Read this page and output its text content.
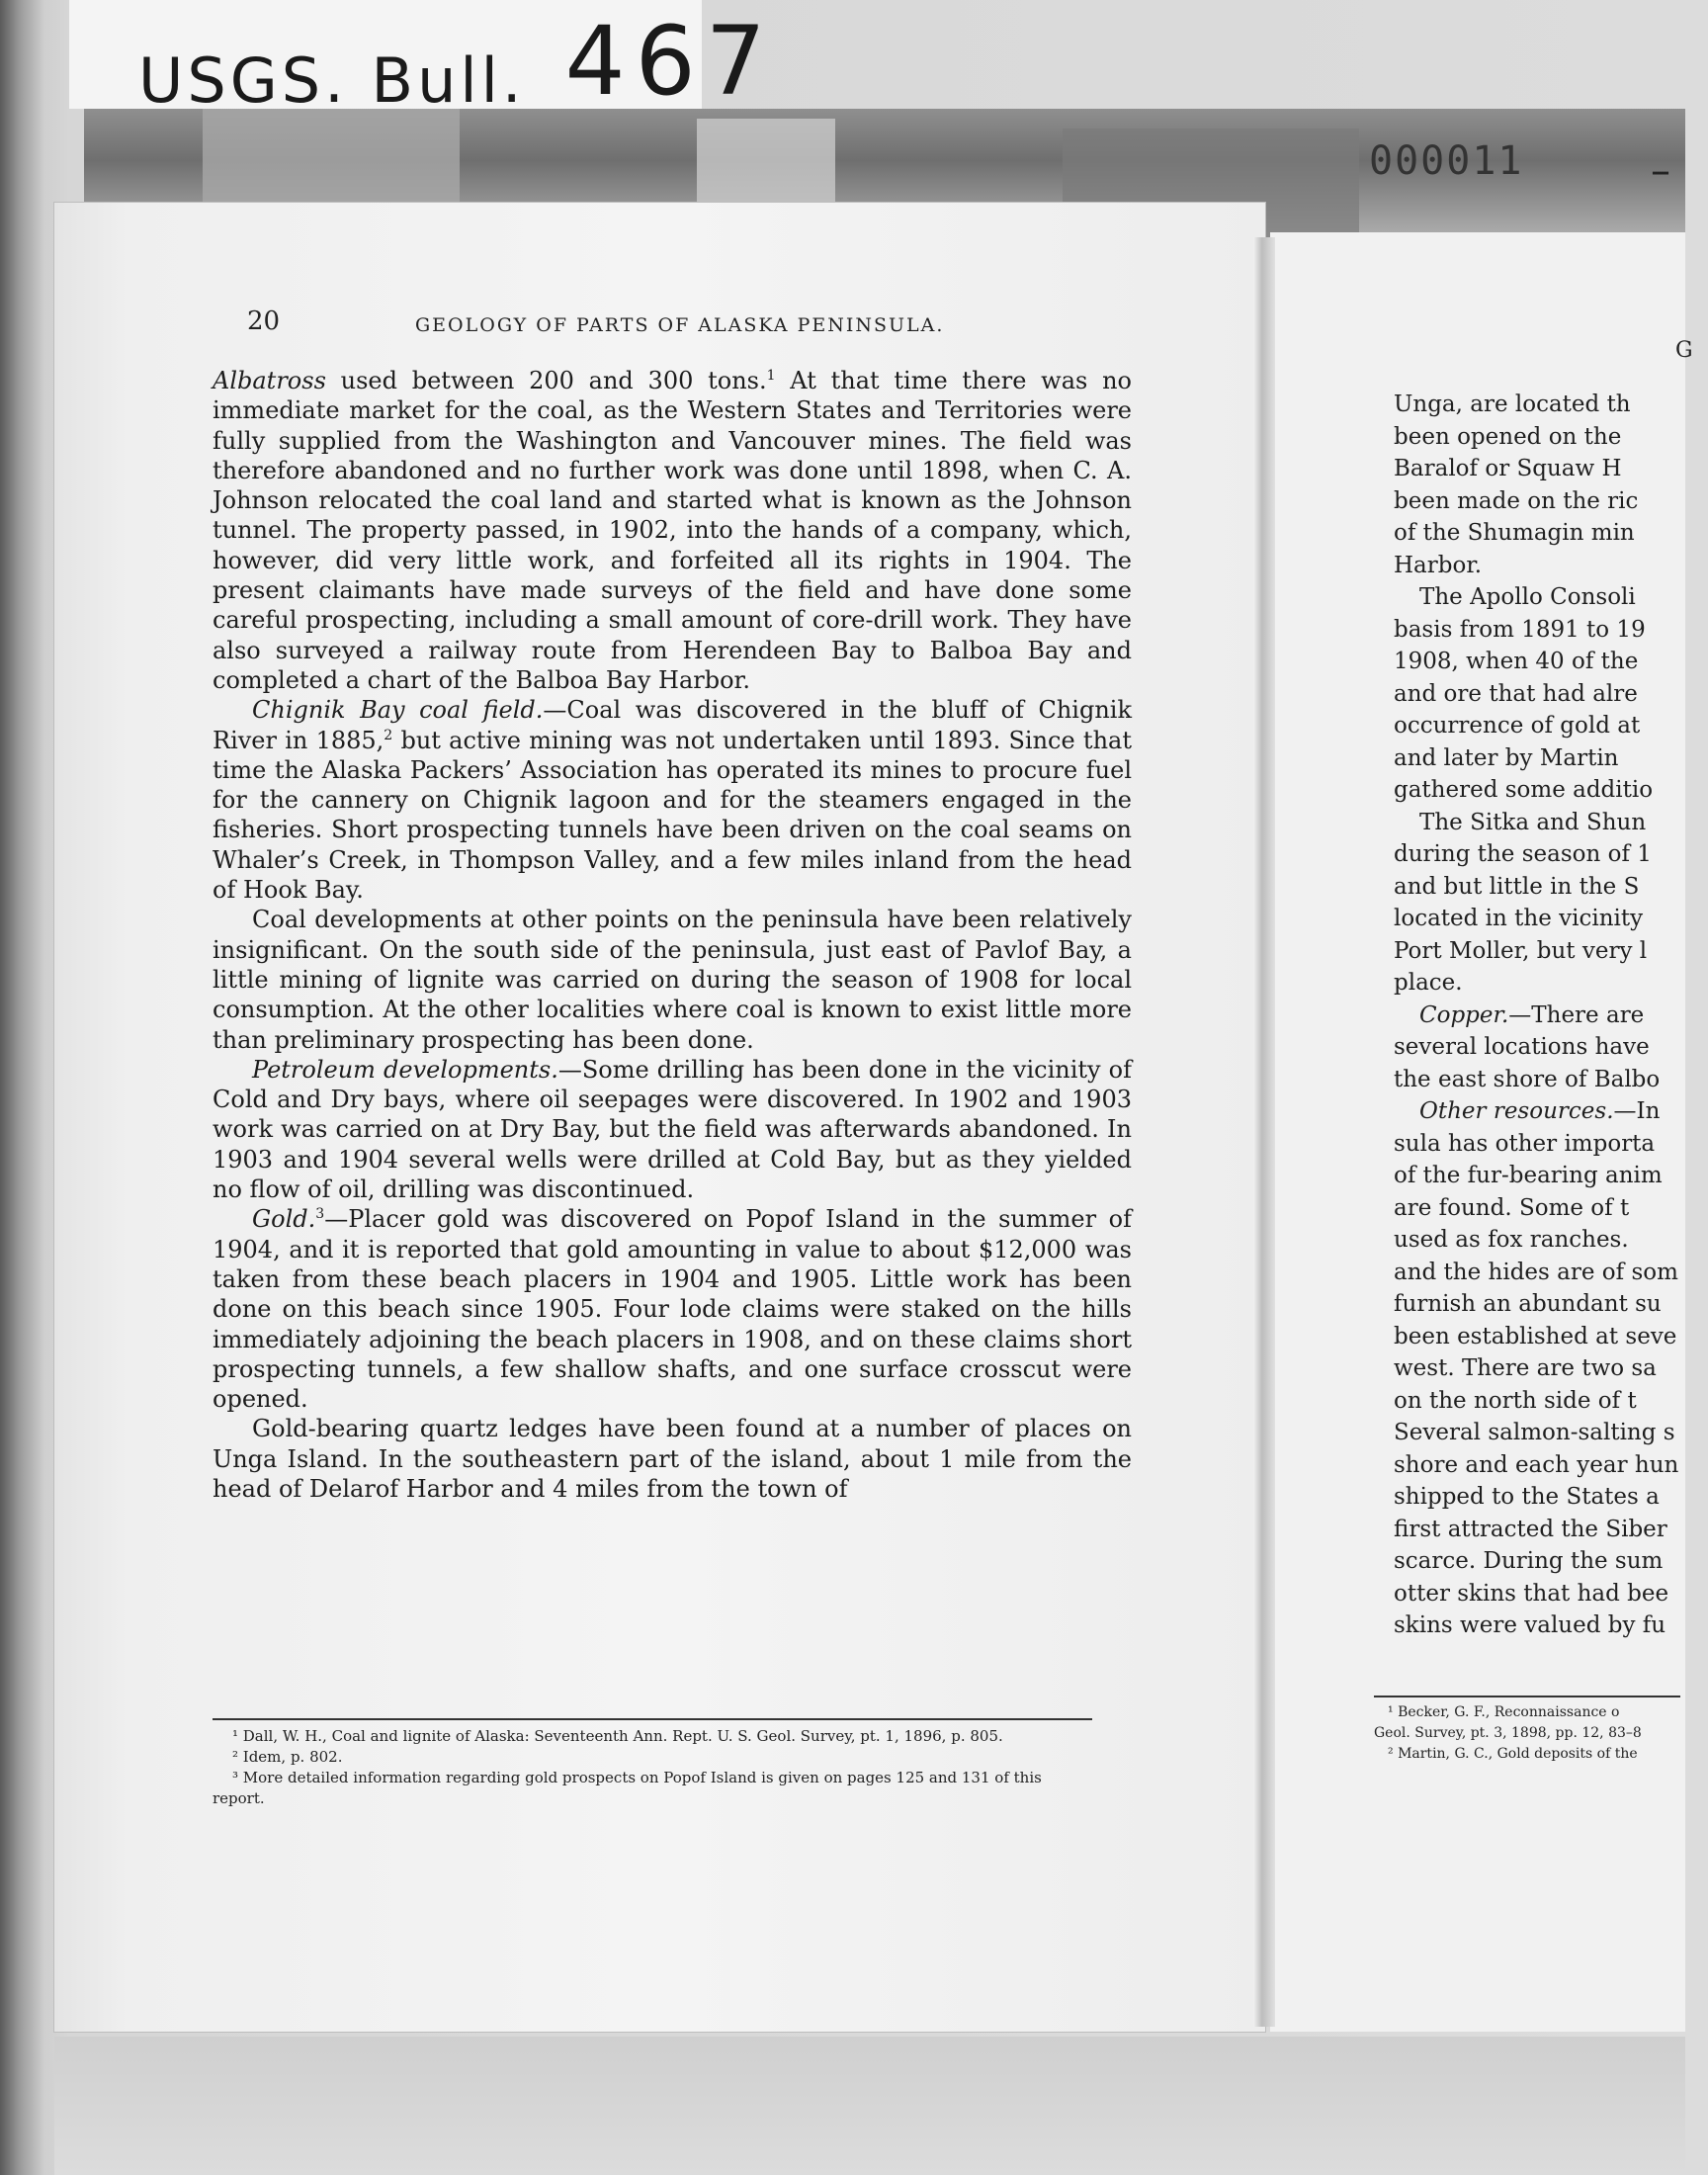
USGS. Bull. 467
000011	–
20	GEOLOGY OF PARTS OF ALASKA PENINSULA.

Albatross used between 200 and 300 tons.$^1$ At that time there was no immediate market for the coal, as the Western States and Territories were fully supplied from the Washington and Vancouver mines. The field was therefore abandoned and no further work was done until 1898, when C. A. Johnson relocated the coal land and started what is known as the Johnson tunnel. The property passed, in 1902, into the hands of a company, which, however, did very little work, and forfeited all its rights in 1904. The present claimants have made surveys of the field and have done some careful prospecting, including a small amount of core-drill work. They have also surveyed a railway route from Herendeen Bay to Balboa Bay and completed a chart of the Balboa Bay Harbor.

Chignik Bay coal field.—Coal was discovered in the bluff of Chignik River in 1885,$^2$ but active mining was not undertaken until 1893. Since that time the Alaska Packers’ Association has operated its mines to procure fuel for the cannery on Chignik lagoon and for the steamers engaged in the fisheries. Short prospecting tunnels have been driven on the coal seams on Whaler’s Creek, in Thompson Valley, and a few miles inland from the head of Hook Bay.

Coal developments at other points on the peninsula have been relatively insignificant. On the south side of the peninsula, just east of Pavlof Bay, a little mining of lignite was carried on during the season of 1908 for local consumption. At the other localities where coal is known to exist little more than preliminary prospecting has been done.

Petroleum developments.—Some drilling has been done in the vicinity of Cold and Dry bays, where oil seepages were discovered. In 1902 and 1903 work was carried on at Dry Bay, but the field was afterwards abandoned. In 1903 and 1904 several wells were drilled at Cold Bay, but as they yielded no flow of oil, drilling was discontinued.

Gold.$^3$—Placer gold was discovered on Popof Island in the summer of 1904, and it is reported that gold amounting in value to about $12,000 was taken from these beach placers in 1904 and 1905. Little work has been done on this beach since 1905. Four lode claims were staked on the hills immediately adjoining the beach placers in 1908, and on these claims short prospecting tunnels, a few shallow shafts, and one surface crosscut were opened.

Gold-bearing quartz ledges have been found at a number of places on Unga Island. In the southeastern part of the island, about 1 mile from the head of Delarof Harbor and 4 miles from the town of

¹ Dall, W. H., Coal and lignite of Alaska: Seventeenth Ann. Rept. U. S. Geol. Survey, pt. 1, 1896, p. 805.

² Idem, p. 802.

³ More detailed information regarding gold prospects on Popof Island is given on pages 125 and 131 of this report.

G
Unga, are located th
been opened on the
Baralof or Squaw H
been made on the ric
of the Shumagin min
Harbor.
The Apollo Consoli
basis from 1891 to 19
1908, when 40 of the
and ore that had alre
occurrence of gold at
and later by Martin
gathered some additio
The Sitka and Shun
during the season of 1
and but little in the S
located in the vicinity
Port Moller, but very l
place.
Copper.—There are
several locations have
the east shore of Balbo
Other resources.—In
sula has other importa
of the fur-bearing anim
are found. Some of t
used as fox ranches.
and the hides are of som
furnish an abundant su
been established at seve
west. There are two sa
on the north side of t
Several salmon-salting s
shore and each year hun
shipped to the States a
first attracted the Siber
scarce. During the sum
otter skins that had bee
skins were valued by fu
¹ Becker, G. F., Reconnaissance o
Geol. Survey, pt. 3, 1898, pp. 12, 83–8
² Martin, G. C., Gold deposits of the
